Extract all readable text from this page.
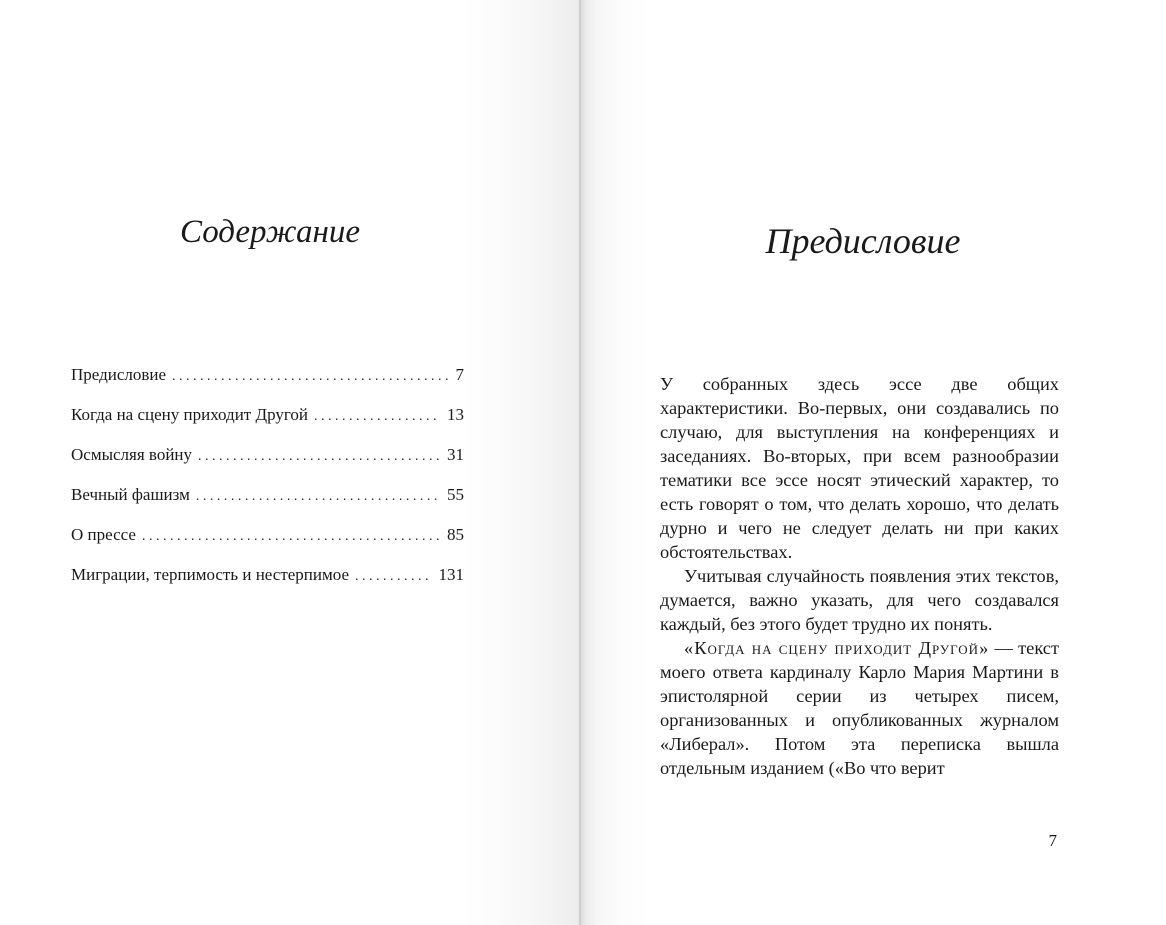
Содержание
Предисловие . . .	7
Когда на сцену приходит Другой . . .	13
Осмысляя войну . . .	31
Вечный фашизм . . .	55
О прессе . . .	85
Миграции, терпимость и нестерпимое . . .	131
Предисловие

У собранных здесь эссе две общих характеристики. Во-первых, они создавались по случаю, для выступления на конференциях и заседаниях. Во-вторых, при всем разнообразии тематики все эссе носят этический характер, то есть говорят о том, что делать хорошо, что делать дурно и чего не следует делать ни при каких обстоятельствах.

Учитывая случайность появления этих текстов, думается, важно указать, для чего создавался каждый, без этого будет трудно их понять.

«Когда на сцену приходит Другой» — текст моего ответа кардиналу Карло Мария Мартини в эпистолярной серии из четырех писем, организованных и опубликованных журналом «Либерал». Потом эта переписка вышла отдельным изданием («Во что верит

7
